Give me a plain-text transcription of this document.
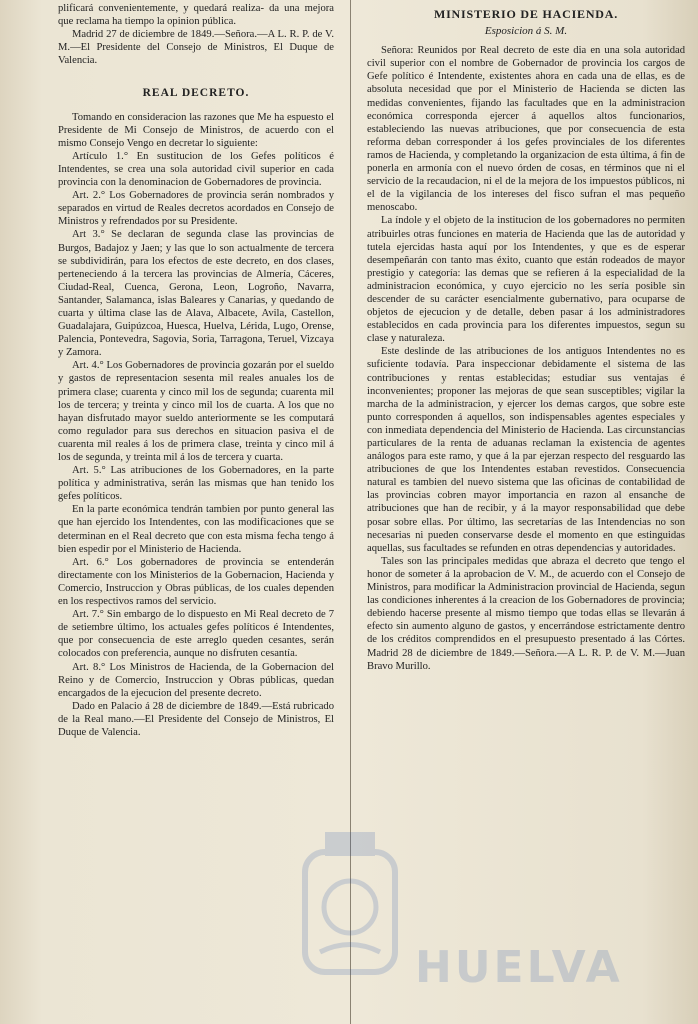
plificará convenientemente, y quedará realiza- da una mejora que reclama ha tiempo la opinion pública.

Madrid 27 de diciembre de 1849.—Señora.—A L. R. P. de V. M.—El Presidente del Consejo de Ministros, El Duque de Valencia.

REAL DECRETO.

Tomando en consideracion las razones que Me ha espuesto el Presidente de Mi Consejo de Ministros, de acuerdo con el mismo Consejo Vengo en decretar lo siguiente:

Artículo 1.° En sustitucion de los Gefes políticos é Intendentes, se crea una sola autoridad civil superior en cada provincia con la denominacion de Gobernadores de provincia.

Art. 2.° Los Gobernadores de provincia serán nombrados y separados en virtud de Reales decretos acordados en Consejo de Ministros y refrendados por su Presidente.

Art 3.° Se declaran de segunda clase las provincias de Burgos, Badajoz y Jaen; y las que lo son actualmente de tercera se subdividirán, para los efectos de este decreto, en dos clases, perteneciendo á la tercera las provincias de Almería, Cáceres, Ciudad-Real, Cuenca, Gerona, Leon, Logroño, Navarra, Santander, Salamanca, islas Baleares y Canarias, y quedando de cuarta y última clase las de Alava, Albacete, Avila, Castellon, Guadalajara, Guipúzcoa, Huesca, Huelva, Lérida, Lugo, Orense, Palencia, Pontevedra, Sagovia, Soria, Tarragona, Teruel, Vizcaya y Zamora.

Art. 4.° Los Gobernadores de provincia gozarán por el sueldo y gastos de representacion sesenta mil reales anuales los de primera clase; cuarenta y cinco mil los de segunda; cuarenta mil los de tercera; y treinta y cinco mil los de cuarta. A los que no hayan disfrutado mayor sueldo anteriormente se les computará como regulador para sus derechos en situacion pasiva el de cuarenta mil reales á los de primera clase, treinta y cinco mil á los de segunda, y treinta mil á los de tercera y cuarta.

Art. 5.° Las atribuciones de los Gobernadores, en la parte política y administrativa, serán las mismas que han tenido los gefes políticos.

En la parte económica tendrán tambien por punto general las que han ejercido los Intendentes, con las modificaciones que se determinan en el Real decreto que con esta misma fecha tengo á bien espedir por el Ministerio de Hacienda.

Art. 6.° Los gobernadores de provincia se entenderán directamente con los Ministerios de la Gobernacion, Hacienda y Comercio, Instruccion y Obras públicas, de los cuales dependen en los respectivos ramos del servicio.

Art. 7.° Sin embargo de lo dispuesto en Mi Real decreto de 7 de setiembre último, los actuales gefes políticos é Intendentes, que por consecuencia de este arreglo queden cesantes, serán colocados con preferencia, aunque no disfruten cesantía.

Art. 8.° Los Ministros de Hacienda, de la Gobernacion del Reino y de Comercio, Instruccion y Obras públicas, quedan encargados de la ejecucion del presente decreto.

Dado en Palacio á 28 de diciembre de 1849.—Está rubricado de la Real mano.—El Presidente del Consejo de Ministros, El Duque de Valencia.

MINISTERIO DE HACIENDA.
Esposicion á S. M.

Señora: Reunidos por Real decreto de este dia en una sola autoridad civil superior con el nombre de Gobernador de provincia los cargos de Gefe político é Intendente, existentes ahora en cada una de ellas, es de absoluta necesidad que por el Ministerio de Hacienda se dicten las medidas convenientes, fijando las facultades que en la administracion económica corresponda ejercer á aquellos altos funcionarios, estableciendo las nuevas atribuciones, que por consecuencia de esta reforma deban corresponder á los gefes provinciales de los diferentes ramos de Hacienda, y completando la organizacion de esta última, á fin de ponerla en armonía con el nuevo órden de cosas, en términos que ni el servicio de la recaudacion, ni el de la mejora de los impuestos públicos, ni el de la vigilancia de los intereses del fisco sufran el mas pequeño menoscabo.

La índole y el objeto de la institucion de los gobernadores no permiten atribuirles otras funciones en materia de Hacienda que las de autoridad y tutela ejercidas hasta aquí por los Intendentes, y que es de esperar desempeñarán con tanto mas éxito, cuanto que están rodeados de mayor prestigio y categoría: las demas que se refieren á la especialidad de la administracion económica, y cuyo ejercicio no les sería posible sin descender de su carácter esencialmente gubernativo, para ocuparse de objetos de ejecucion y de detalle, deben pasar á los administradores establecidos en cada provincia para los diferentes impuestos, segun su clase y naturaleza.

Este deslinde de las atribuciones de los antiguos Intendentes no es suficiente todavía. Para inspeccionar debidamente el sistema de las contribuciones y rentas establecidas; estudiar sus ventajas é inconvenientes; proponer las mejoras de que sean susceptibles; vigilar la marcha de la administracion, y ejercer los demas cargos, que sobre este punto corresponden á aquellos, son indispensables agentes especiales y con inmediata dependencia del Ministerio de Hacienda. Las circunstancias particulares de la renta de aduanas reclaman la existencia de agentes análogos para este ramo, y que á la par ejerzan respecto del resguardo las atribuciones de que los Intendentes estaban revestidos. Consecuencia natural es tambien del nuevo sistema que las oficinas de contabilidad de las provincias cobren mayor importancia en razon al ensanche de atribuciones que han de recibir, y á la mayor responsabilidad que debe posar sobre ellas. Por último, las secretarías de las Intendencias no son necesarias ni pueden conservarse desde el momento en que estinguidas aquellas, sus facultades se refunden en otras dependencias y autoridades.

Tales son las principales medidas que abraza el decreto que tengo el honor de someter á la aprobacion de V. M., de acuerdo con el Consejo de Ministros, para modificar la Administracion provincial de Hacienda, segun las condiciones inherentes á la creacion de los Gobernadores de provincia; debiendo hacerse presente al mismo tiempo que todas ellas se llevarán á efecto sin aumento alguno de gastos, y encerrándose estrictamente dentro de los créditos comprendidos en el presupuesto presentado á las Córtes. Madrid 28 de diciembre de 1849.—Señora.—A L. R. P. de V. M.—Juan Bravo Murillo.

HUELVA
